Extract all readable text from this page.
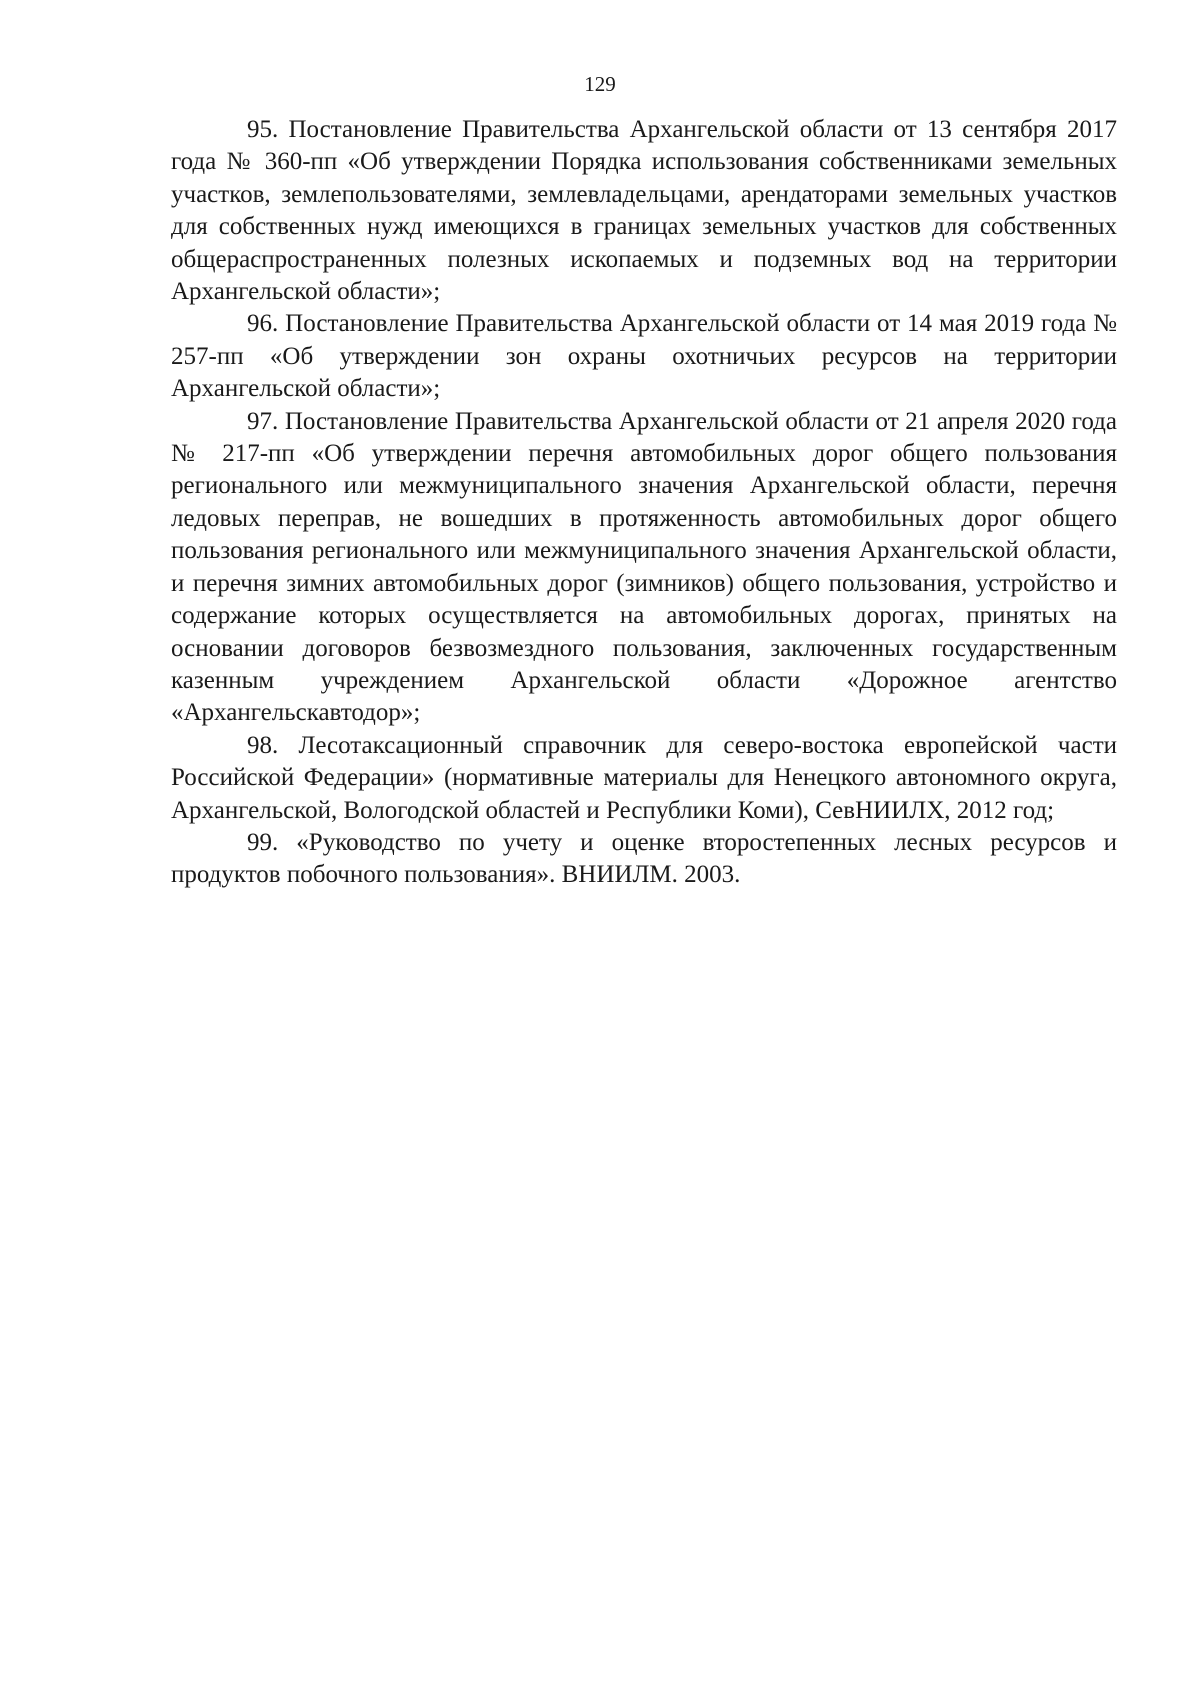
129

95. Постановление Правительства Архангельской области от 13 сентября 2017 года № 360-пп «Об утверждении Порядка использования собственниками земельных участков, землепользователями, землевладельцами, арендаторами земельных участков для собственных нужд имеющихся в границах земельных участков для собственных общераспространенных полезных ископаемых и подземных вод на территории Архангельской области»;

96. Постановление Правительства Архангельской области от 14 мая 2019 года № 257-пп «Об утверждении зон охраны охотничьих ресурсов на территории Архангельской области»;

97. Постановление Правительства Архангельской области от 21 апреля 2020 года № 217-пп «Об утверждении перечня автомобильных дорог общего пользования регионального или межмуниципального значения Архангельской области, перечня ледовых переправ, не вошедших в протяженность автомобильных дорог общего пользования регионального или межмуниципального значения Архангельской области, и перечня зимних автомобильных дорог (зимников) общего пользования, устройство и содержание которых осуществляется на автомобильных дорогах, принятых на основании договоров безвозмездного пользования, заключенных государственным казенным учреждением Архангельской области «Дорожное агентство «Архангельскавтодор»;

98. Лесотаксационный справочник для северо-востока европейской части Российской Федерации» (нормативные материалы для Ненецкого автономного округа, Архангельской, Вологодской областей и Республики Коми), СевНИИЛХ, 2012 год;

99. «Руководство по учету и оценке второстепенных лесных ресурсов и продуктов побочного пользования». ВНИИЛМ. 2003.
